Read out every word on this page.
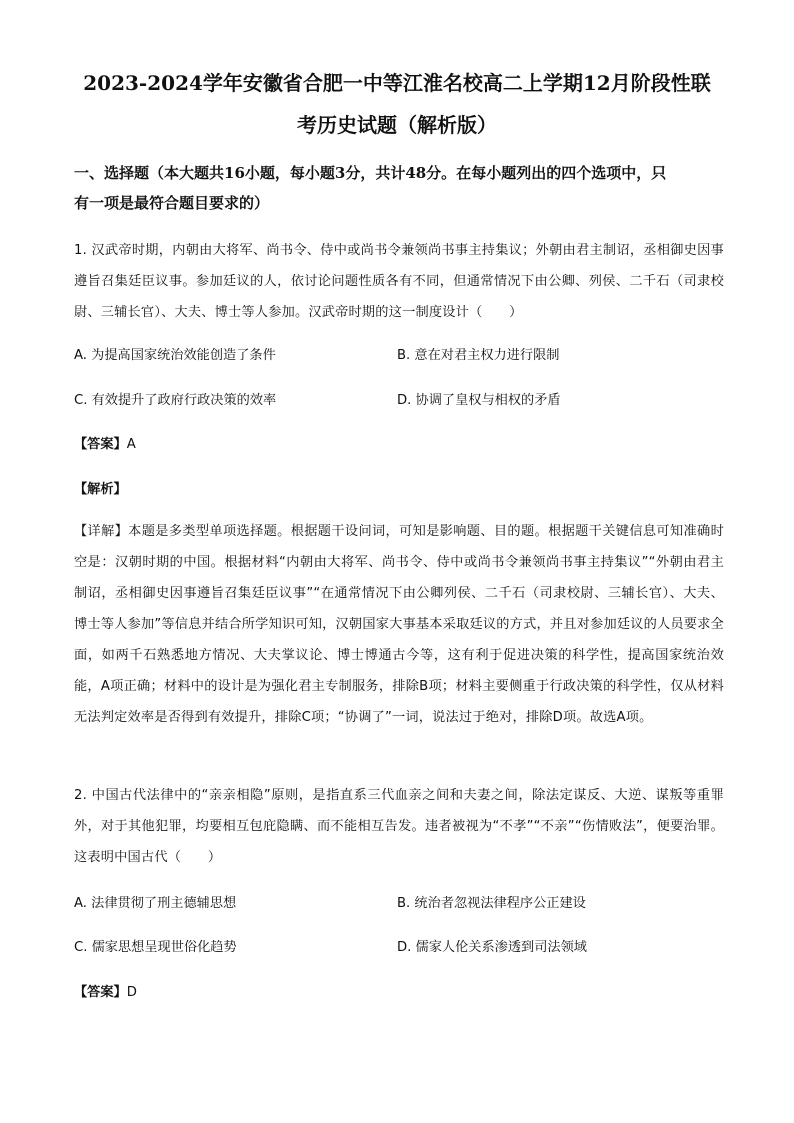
2023-2024学年安徽省合肥一中等江淮名校高二上学期12月阶段性联
考历史试题（解析版）
一、选择题（本大题共16小题，每小题3分，共计48分。在每小题列出的四个选项中，只
有一项是最符合题目要求的）
1. 汉武帝时期，内朝由大将军、尚书令、侍中或尚书令兼领尚书事主持集议；外朝由君主制诏，丞相御史因事遵旨召集廷臣议事。参加廷议的人，依讨论问题性质各有不同，但通常情况下由公卿、列侯、二千石（司隶校尉、三辅长官）、大夫、博士等人参加。汉武帝时期的这一制度设计（　　）
A. 为提高国家统治效能创造了条件	B. 意在对君主权力进行限制
C. 有效提升了政府行政决策的效率	D. 协调了皇权与相权的矛盾
【答案】A
【解析】
【详解】本题是多类型单项选择题。根据题干设问词，可知是影响题、目的题。根据题干关键信息可知准确时空是：汉朝时期的中国。根据材料“内朝由大将军、尚书令、侍中或尚书令兼领尚书事主持集议”“外朝由君主制诏，丞相御史因事遵旨召集廷臣议事”“在通常情况下由公卿列侯、二千石（司隶校尉、三辅长官）、大夫、博士等人参加”等信息并结合所学知识可知，汉朝国家大事基本采取廷议的方式，并且对参加廷议的人员要求全面，如两千石熟悉地方情况、大夫掌议论、博士博通古今等，这有利于促进决策的科学性，提高国家统治效能，A项正确；材料中的设计是为强化君主专制服务，排除B项；材料主要侧重于行政决策的科学性，仅从材料无法判定效率是否得到有效提升，排除C项；“协调了”一词，说法过于绝对，排除D项。故选A项。
2. 中国古代法律中的“亲亲相隐”原则，是指直系三代血亲之间和夫妻之间，除法定谋反、大逆、谋叛等重罪外，对于其他犯罪，均要相互包庇隐瞒、而不能相互告发。违者被视为“不孝”“不亲”“伤情败法”，便要治罪。这表明中国古代（　　）
A. 法律贯彻了刑主德辅思想	B. 统治者忽视法律程序公正建设
C. 儒家思想呈现世俗化趋势	D. 儒家人伦关系渗透到司法领域
【答案】D
